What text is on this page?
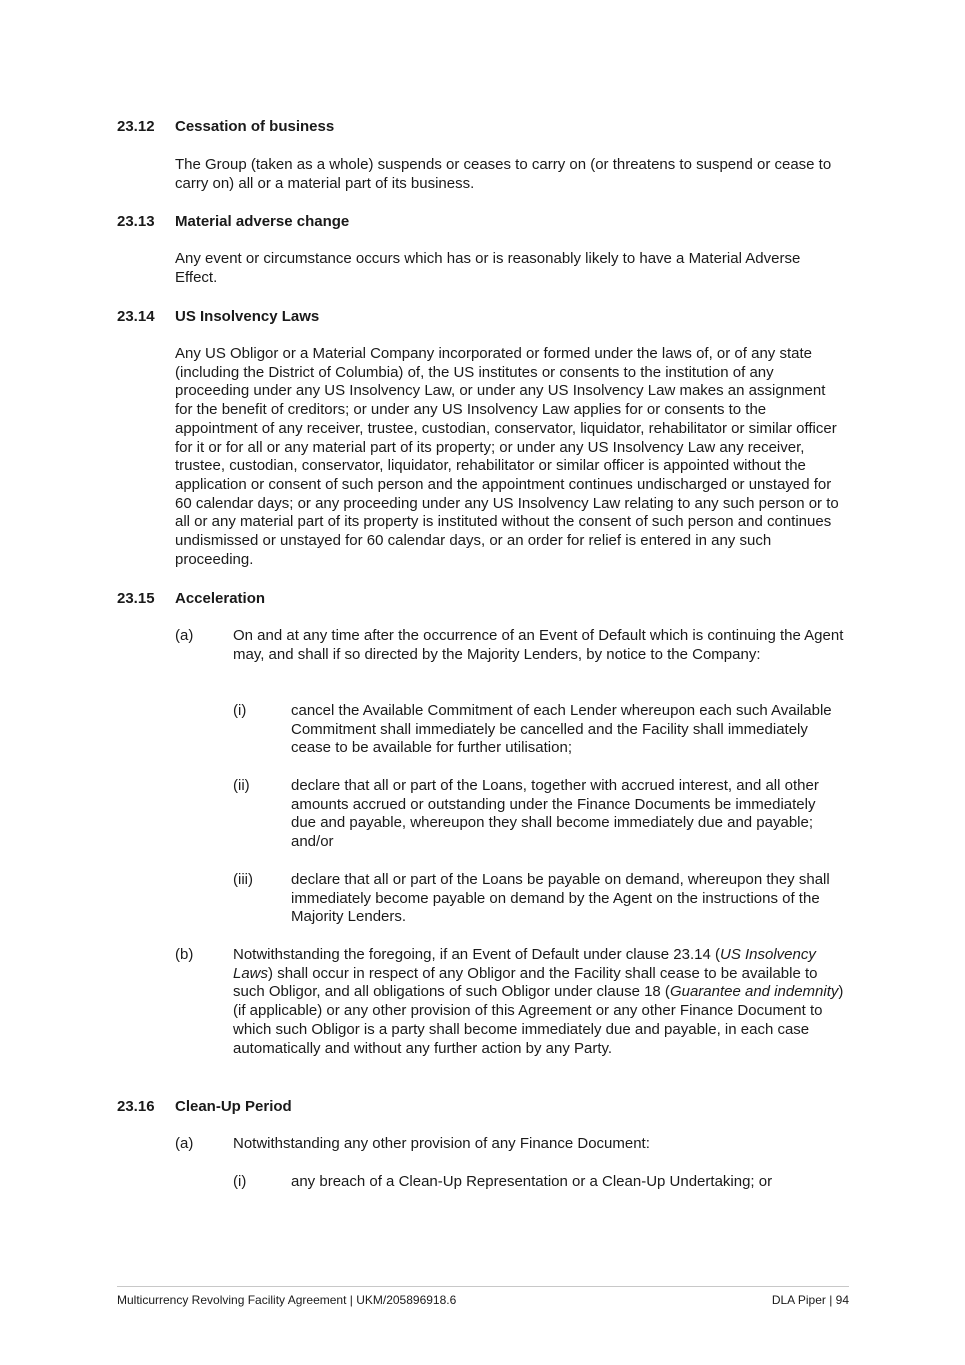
23.12	Cessation of business
The Group (taken as a whole) suspends or ceases to carry on (or threatens to suspend or cease to carry on) all or a material part of its business.
23.13	Material adverse change
Any event or circumstance occurs which has or is reasonably likely to have a Material Adverse Effect.
23.14	US Insolvency Laws
Any US Obligor or a Material Company incorporated or formed under the laws of, or of any state (including the District of Columbia) of, the US institutes or consents to the institution of any proceeding under any US Insolvency Law, or under any US Insolvency Law makes an assignment for the benefit of creditors; or under any US Insolvency Law applies for or consents to the appointment of any receiver, trustee, custodian, conservator, liquidator, rehabilitator or similar officer for it or for all or any material part of its property; or under any US Insolvency Law any receiver, trustee, custodian, conservator, liquidator, rehabilitator or similar officer is appointed without the application or consent of such person and the appointment continues undischarged or unstayed for 60 calendar days; or any proceeding under any US Insolvency Law relating to any such person or to all or any material part of its property is instituted without the consent of such person and continues undismissed or unstayed for 60 calendar days, or an order for relief is entered in any such proceeding.
23.15	Acceleration
(a)	On and at any time after the occurrence of an Event of Default which is continuing the Agent may, and shall if so directed by the Majority Lenders, by notice to the Company:
(i)	cancel the Available Commitment of each Lender whereupon each such Available Commitment shall immediately be cancelled and the Facility shall immediately cease to be available for further utilisation;
(ii)	declare that all or part of the Loans, together with accrued interest, and all other amounts accrued or outstanding under the Finance Documents be immediately due and payable, whereupon they shall become immediately due and payable; and/or
(iii)	declare that all or part of the Loans be payable on demand, whereupon they shall immediately become payable on demand by the Agent on the instructions of the Majority Lenders.
(b)	Notwithstanding the foregoing, if an Event of Default under clause 23.14 (US Insolvency Laws) shall occur in respect of any Obligor and the Facility shall cease to be available to such Obligor, and all obligations of such Obligor under clause 18 (Guarantee and indemnity) (if applicable) or any other provision of this Agreement or any other Finance Document to which such Obligor is a party shall become immediately due and payable, in each case automatically and without any further action by any Party.
23.16	Clean-Up Period
(a)	Notwithstanding any other provision of any Finance Document:
(i)	any breach of a Clean-Up Representation or a Clean-Up Undertaking; or
Multicurrency Revolving Facility Agreement | UKM/205896918.6	DLA Piper | 94
